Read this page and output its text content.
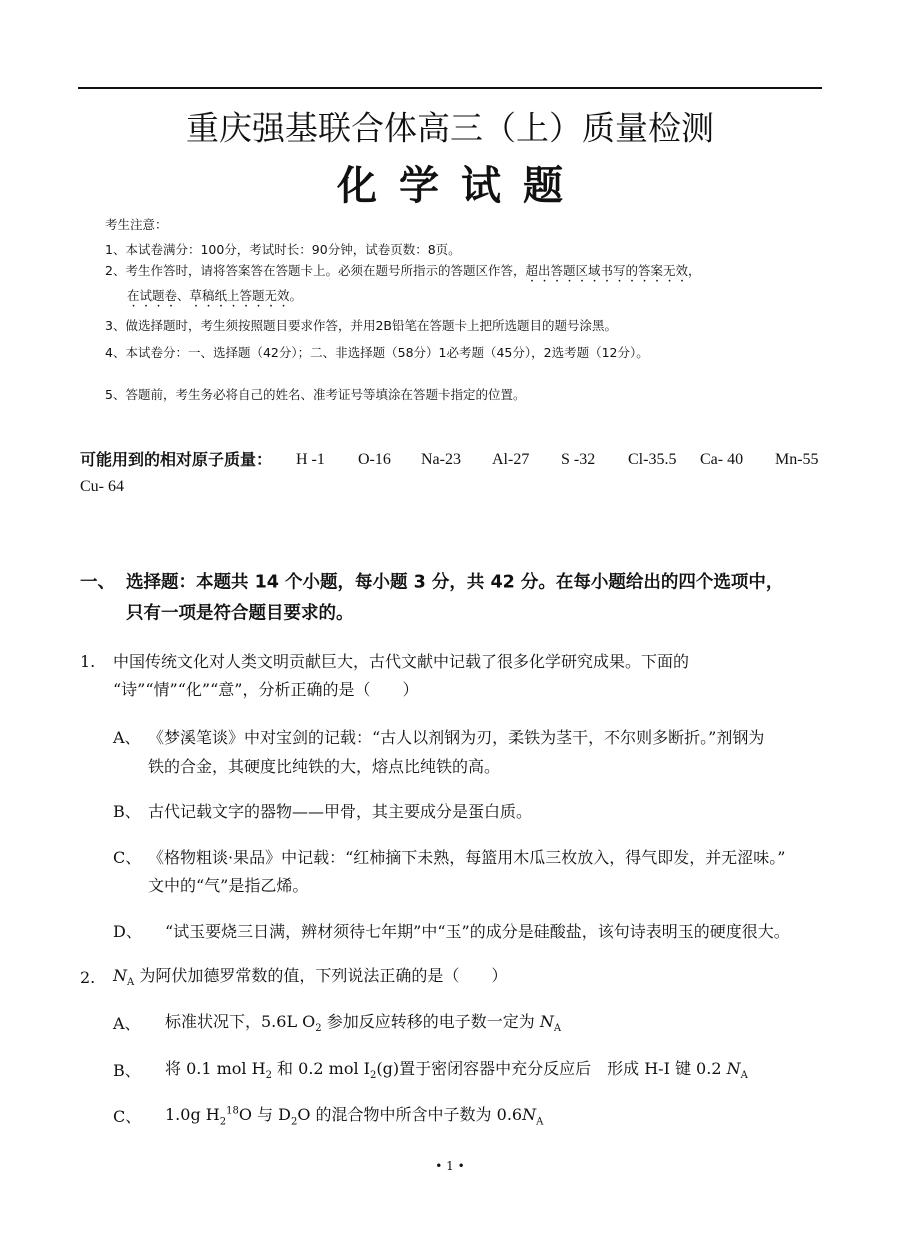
重庆强基联合体高三（上）质量检测
化学试题
考生注意：
1、本试卷满分：100分，考试时长：90分钟，试卷页数：8页。
2、考生作答时，请将答案答在答题卡上。必须在题号所指示的答题区作答，超出答题区域书写的答案无效，
在试题卷、草稿纸上答题无效。
3、做选择题时，考生须按照题目要求作答，并用2B铅笔在答题卡上把所选题目的题号涂黑。
4、本试卷分：一、选择题（42分）；二、非选择题（58分）1必考题（45分），2选考题（12分）。
5、答题前，考生务必将自己的姓名、准考证号等填涂在答题卡指定的位置。
可能用到的相对原子质量： H -1 O-16 Na-23 Al-27 S -32 Cl-35.5 Ca- 40 Mn-55
Cu- 64
一、 选择题：本题共 14 个小题，每小题 3 分，共 42 分。在每小题给出的四个选项中，
只有一项是符合题目要求的。
1. 中国传统文化对人类文明贡献巨大，古代文献中记载了很多化学研究成果。下面的
“诗”“情”“化”“意”，分析正确的是（　　）
A、 《梦溪笔谈》中对宝剑的记载：“古人以剂钢为刃，柔铁为茎干，不尔则多断折。”剂钢为
铁的合金，其硬度比纯铁的大，熔点比纯铁的高。
B、 古代记载文字的器物——甲骨，其主要成分是蛋白质。
C、 《格物粗谈·果品》中记载：“红柿摘下未熟，每篮用木瓜三枚放入，得气即发，并无涩味。”
文中的“气”是指乙烯。
D、 “试玉要烧三日满，辨材须待七年期”中“玉”的成分是硅酸盐，该句诗表明玉的硬度很大。
2. $N_A$ 为阿伏加德罗常数的值，下列说法正确的是（　　）
A、 标准状况下，5.6L $O_2$ 参加反应转移的电子数一定为 $N_A$
B、 将 0.1 mol $H_2$ 和 0.2 mol $I_2(g)$置于密闭容器中充分反应后　形成 H-I 键 0.2 $N_A$
C、 1.0g $H_2^{18}O$ 与 $D_2O$ 的混合物中所含中子数为 $0.6N_A$
• 1 •
